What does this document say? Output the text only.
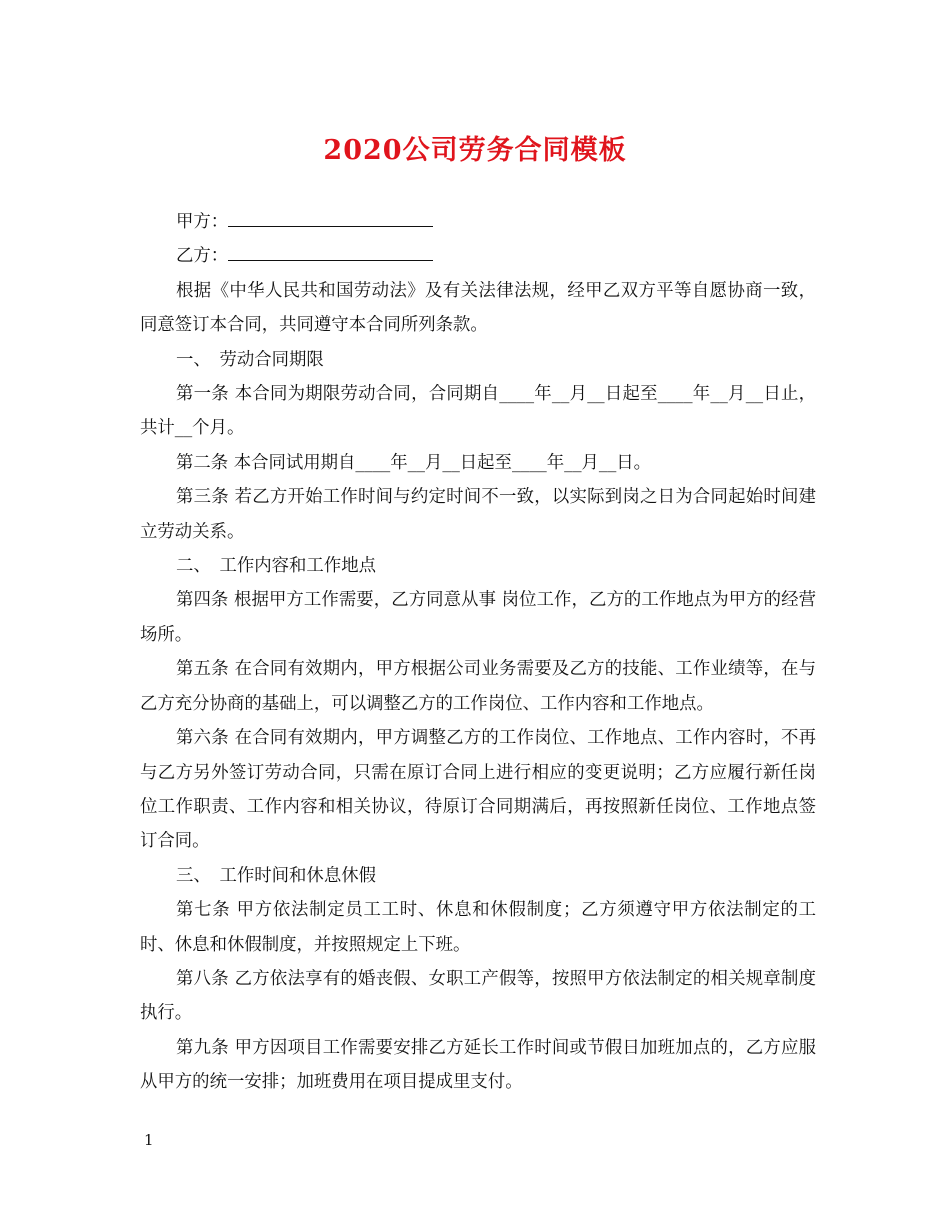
2020公司劳务合同模板

甲方：

乙方：

根据《中华人民共和国劳动法》及有关法律法规，经甲乙双方平等自愿协商一致，同意签订本合同，共同遵守本合同所列条款。

一、　劳动合同期限

第一条 本合同为期限劳动合同，合同期自____年__月__日起至____年__月__日止，共计__个月。

第二条 本合同试用期自____年__月__日起至____年__月__日。

第三条 若乙方开始工作时间与约定时间不一致，以实际到岗之日为合同起始时间建立劳动关系。

二、　工作内容和工作地点

第四条 根据甲方工作需要，乙方同意从事 岗位工作，乙方的工作地点为甲方的经营场所。

第五条 在合同有效期内，甲方根据公司业务需要及乙方的技能、工作业绩等，在与乙方充分协商的基础上，可以调整乙方的工作岗位、工作内容和工作地点。

第六条 在合同有效期内，甲方调整乙方的工作岗位、工作地点、工作内容时，不再与乙方另外签订劳动合同，只需在原订合同上进行相应的变更说明；乙方应履行新任岗位工作职责、工作内容和相关协议，待原订合同期满后，再按照新任岗位、工作地点签订合同。

三、　工作时间和休息休假

第七条 甲方依法制定员工工时、休息和休假制度；乙方须遵守甲方依法制定的工时、休息和休假制度，并按照规定上下班。

第八条 乙方依法享有的婚丧假、女职工产假等，按照甲方依法制定的相关规章制度执行。

第九条 甲方因项目工作需要安排乙方延长工作时间或节假日加班加点的，乙方应服从甲方的统一安排；加班费用在项目提成里支付。

1
